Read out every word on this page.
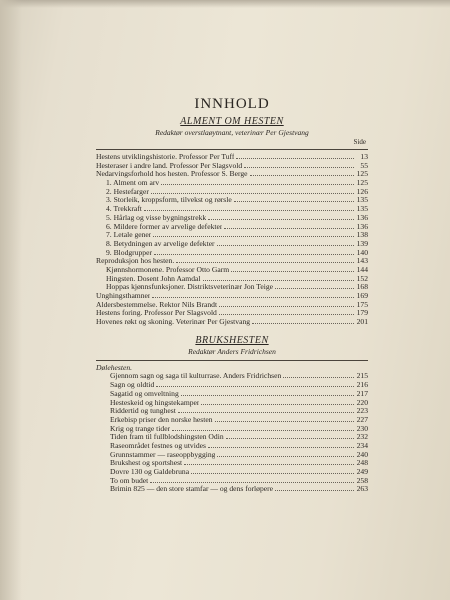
INNHOLD
ALMENT OM HESTEN
Redaktør overstlaøytnant, veterinær Per Gjestvang
Side
Hestens utviklingshistorie. Professor Per Tuff	13
Hesteraser i andre land. Professor Per Slagsvold	55
Nedarvingsforhold hos hesten. Professor S. Berge	125
1. Alment om arv	125
2. Hestefarger	126
3. Storleik, kroppsform, tilvekst og rørsle	135
4. Trekkraft	135
5. Hårlag og visse bygningstrekk	136
6. Mildere former av arvelige defekter	136
7. Letale gener	138
8. Betydningen av arvelige defekter	139
9. Blodgrupper	140
Reproduksjon hos hesten.	143
Kjønnshormonene. Professor Otto Garm	144
Hingsten. Dosent John Aamdal	152
Hoppas kjønnsfunksjoner. Distriktsveterinær Jon Teige	168
Unghingsthamner	169
Aldersbestemmelse. Rektor Nils Brandt	175
Hestens foring. Professor Per Slagsvold	179
Hovenes røkt og skoning. Veterinær Per Gjestvang	201
BRUKSHESTEN
Redaktør Anders Fridrichsen
Dølehesten.
Gjennom sagn og saga til kulturrase. Anders Fridrichsen	215
Sagn og oldtid	216
Sagatid og omveltning	217
Hesteskeid og hingstekamper	220
Riddertid og tunghest	223
Erkebisp priser den norske hesten	227
Krig og trange tider	230
Tiden fram til fullblodshingsten Odin	232
Raseområdet festnes og utvides	234
Grunnstammer — raseoppbygging	240
Brukshest og sportshest	248
Dovre 130 og Galdebruna	249
To om budet	258
Brimin 825 — den store stamfar — og dens forløpere	263
